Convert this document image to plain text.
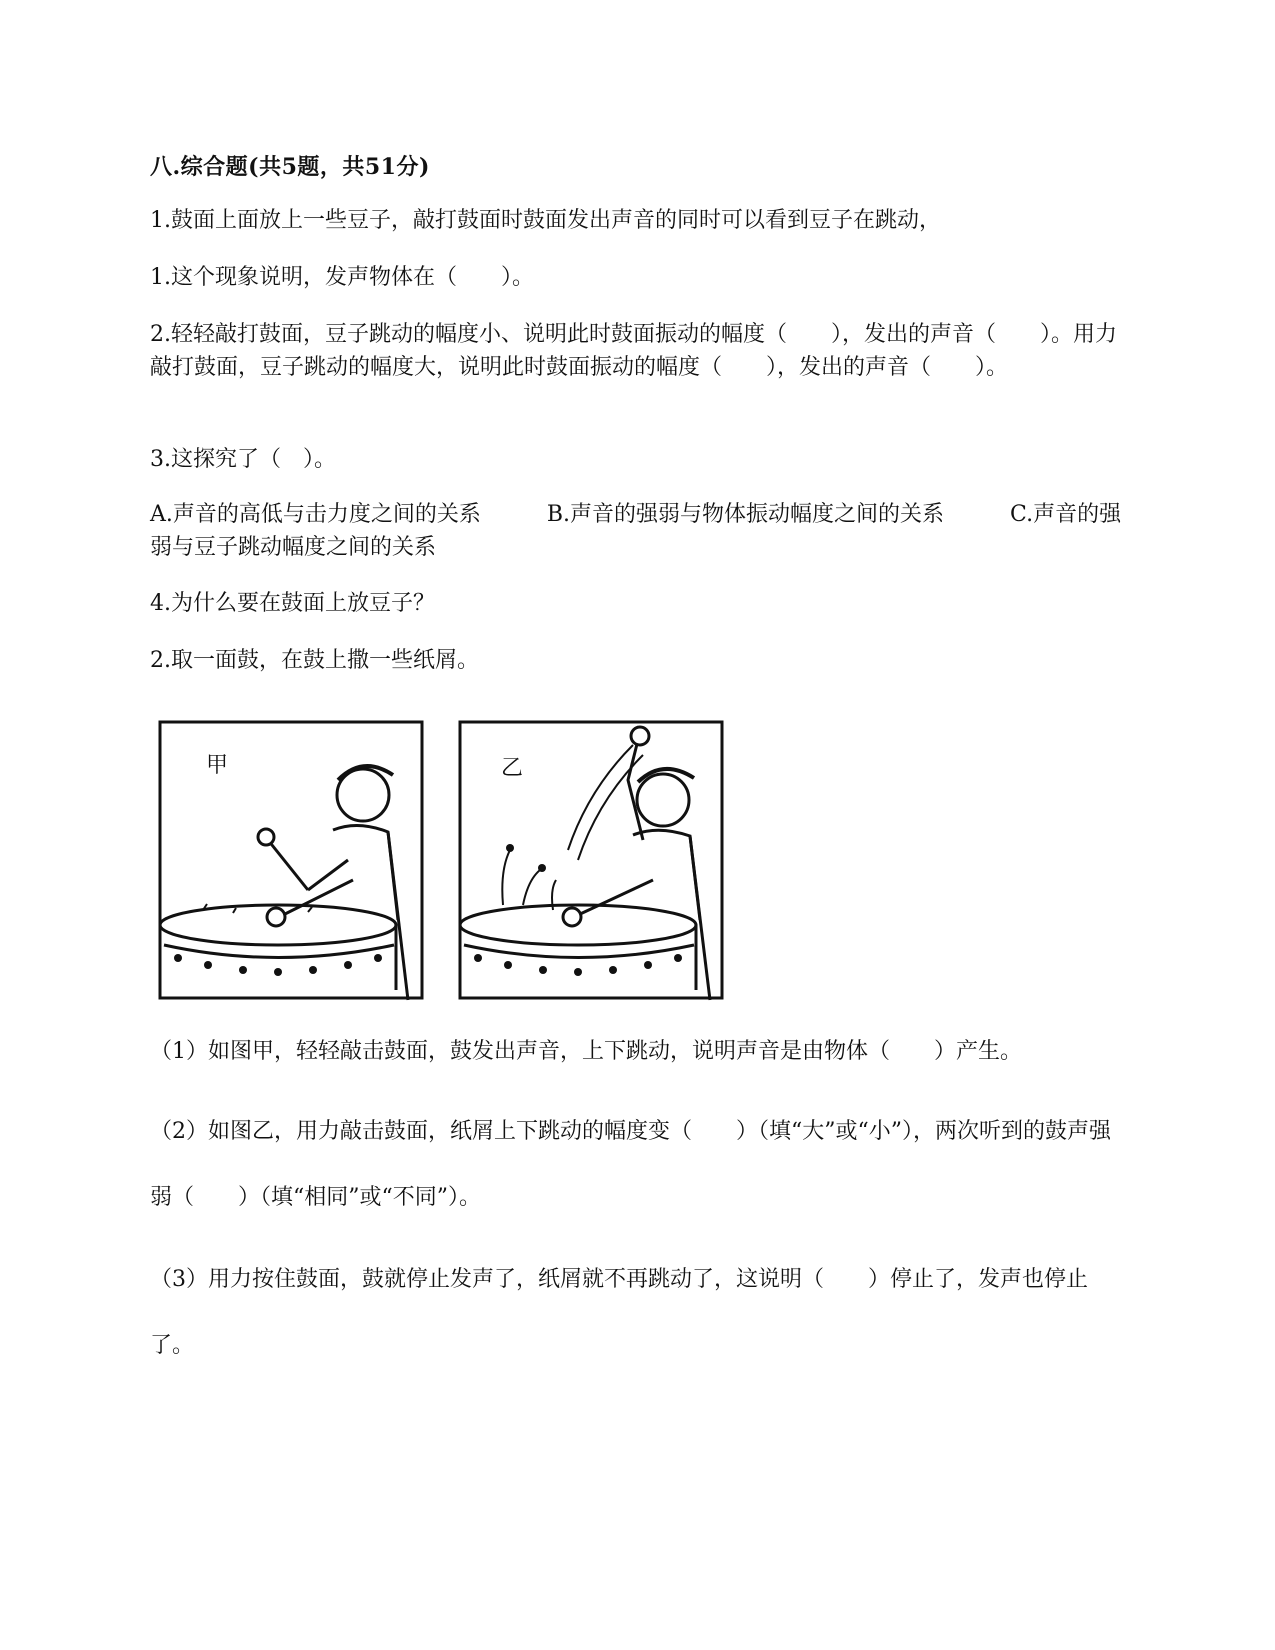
八.综合题(共5题，共51分)
1.鼓面上面放上一些豆子，敲打鼓面时鼓面发出声音的同时可以看到豆子在跳动，
1.这个现象说明，发声物体在（　　）。
2.轻轻敲打鼓面，豆子跳动的幅度小、说明此时鼓面振动的幅度（　　），发出的声音（　　）。用力敲打鼓面，豆子跳动的幅度大，说明此时鼓面振动的幅度（　　），发出的声音（　　）。
3.这探究了（　）。
A.声音的高低与击力度之间的关系　　　B.声音的强弱与物体振动幅度之间的关系　　　C.声音的强弱与豆子跳动幅度之间的关系
4.为什么要在鼓面上放豆子？
2.取一面鼓，在鼓上撒一些纸屑。
甲	乙
（1）如图甲，轻轻敲击鼓面，鼓发出声音，上下跳动，说明声音是由物体（　　）产生。
（2）如图乙，用力敲击鼓面，纸屑上下跳动的幅度变（　　）（填“大”或“小”），两次听到的鼓声强弱（　　）（填“相同”或“不同”）。
（3）用力按住鼓面，鼓就停止发声了，纸屑就不再跳动了，这说明（　　）停止了，发声也停止了。
